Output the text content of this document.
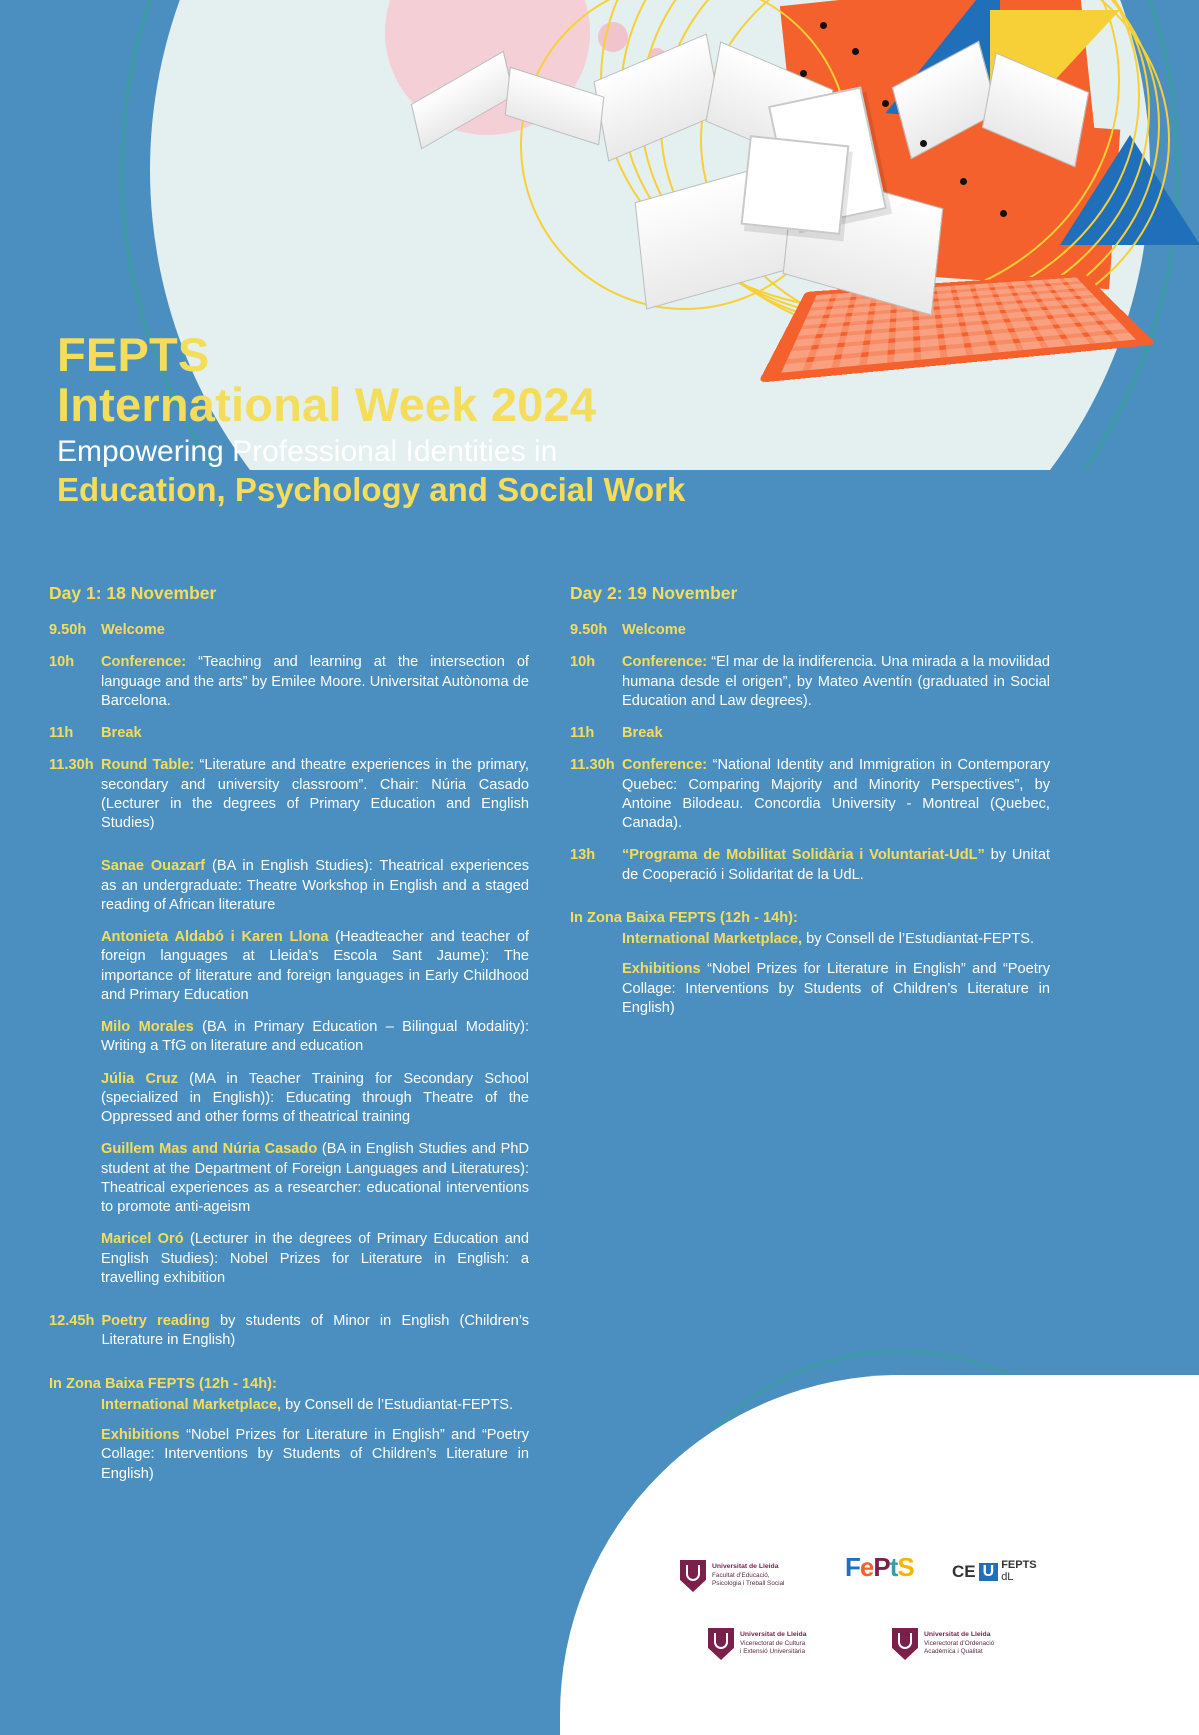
FEPTS
International Week 2024
Empowering Professional Identities in
Education, Psychology and Social Work
Day 1: 18 November
9.50h	Welcome
10h	Conference: “Teaching and learning at the intersection of language and the arts” by Emilee Moore. Universitat Autònoma de Barcelona.
11h	Break
11.30h Round Table: “Literature and theatre experiences in the primary, secondary and university classroom”. Chair: Núria Casado (Lecturer in the degrees of Primary Education and English Studies)
Sanae Ouazarf (BA in English Studies): Theatrical experiences as an undergraduate: Theatre Workshop in English and a staged reading of African literature
Antonieta Aldabó i Karen Llona (Headteacher and teacher of foreign languages at Lleida’s Escola Sant Jaume): The importance of literature and foreign languages in Early Childhood and Primary Education
Milo Morales (BA in Primary Education – Bilingual Modality): Writing a TfG on literature and education
Júlia Cruz (MA in Teacher Training for Secondary School (specialized in English)): Educating through Theatre of the Oppressed and other forms of theatrical training
Guillem Mas and Núria Casado (BA in English Studies and PhD student at the Department of Foreign Languages and Literatures): Theatrical experiences as a researcher: educational interventions to promote anti-ageism
Maricel Oró (Lecturer in the degrees of Primary Education and English Studies): Nobel Prizes for Literature in English: a travelling exhibition
12.45h Poetry reading by students of Minor in English (Children’s Literature in English)
In Zona Baixa FEPTS (12h - 14h):
International Marketplace, by Consell de l’Estudiantat-FEPTS.
Exhibitions “Nobel Prizes for Literature in English” and “Poetry Collage: Interventions by Students of Children’s Literature in English)
Day 2: 19 November
9.50h	Welcome
10h	Conference: “El mar de la indiferencia. Una mirada a la movilidad humana desde el origen”, by Mateo Aventín (graduated in Social Education and Law degrees).
11h	Break
11.30h Conference: “National Identity and Immigration in Contemporary Quebec: Comparing Majority and Minority Perspectives”, by Antoine Bilodeau. Concordia University - Montreal (Quebec, Canada).
13h	“Programa de Mobilitat Solidària i Voluntariat-UdL” by Unitat de Cooperació i Solidaritat de la UdL.
In Zona Baixa FEPTS (12h - 14h):
International Marketplace, by Consell de l’Estudiantat-FEPTS.
Exhibitions “Nobel Prizes for Literature in English” and “Poetry Collage: Interventions by Students of Children’s Literature in English)
Universitat de Lleida
Facultat d’Educació,
Psicologia i Treball Social
FePtS CE U FEPTS
dL
Universitat de Lleida
Vicerectorat de Cultura
i Extensió Universitària
Universitat de Lleida
Vicerectorat d’Ordenació
Acadèmica i Qualitat
